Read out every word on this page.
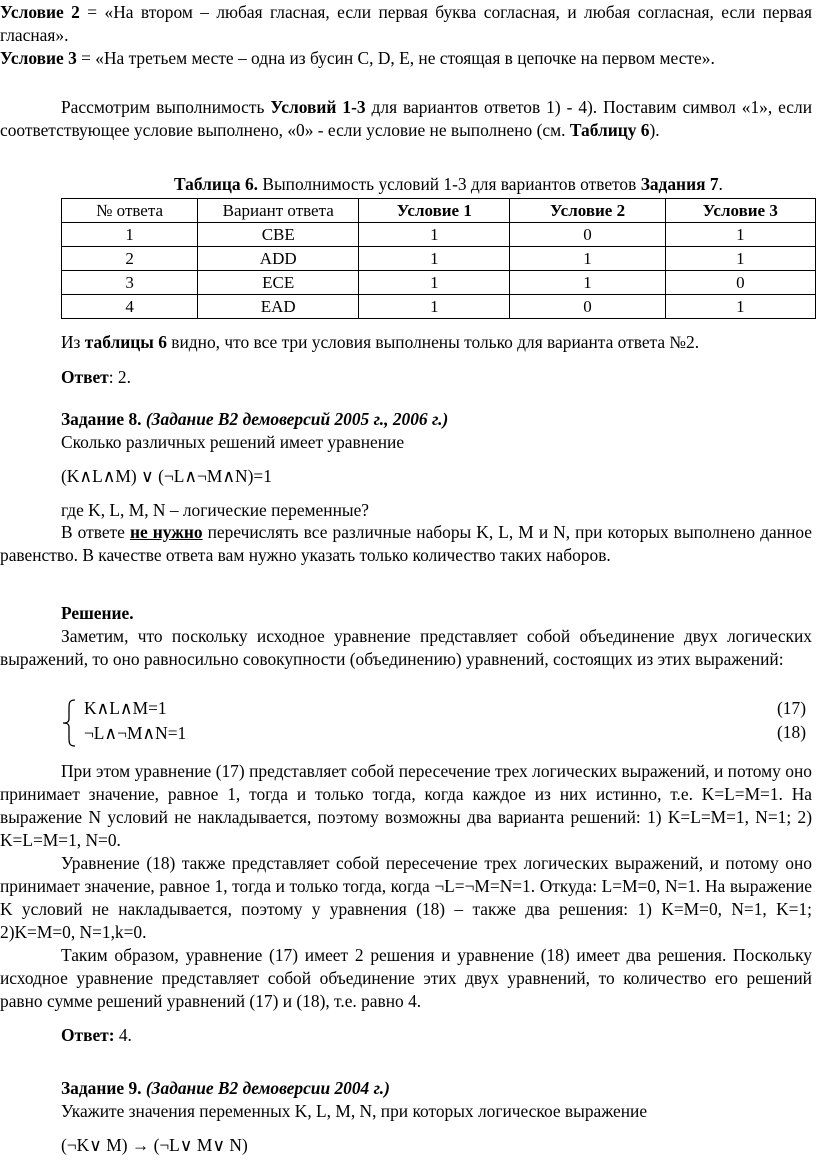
Условие 2 = «На втором – любая гласная, если первая буква согласная, и любая согласная, если первая гласная».

Условие 3 = «На третьем месте – одна из бусин C, D, E, не стоящая в цепочке на первом месте».

Рассмотрим выполнимость Условий 1-3 для вариантов ответов 1) - 4). Поставим символ «1», если соответствующее условие выполнено, «0» - если условие не выполнено (см. Таблицу 6).

Таблица 6. Выполнимость условий 1-3 для вариантов ответов Задания 7.
№ ответа	Вариант ответа	Условие 1	Условие 2	Условие 3
1	CBE	1	0	1
2	ADD	1	1	1
3	ECE	1	1	0
4	EAD	1	0	1
Из таблицы 6 видно, что все три условия выполнены только для варианта ответа №2.
Ответ: 2.
Задание 8. (Задание B2 демоверсий 2005 г., 2006 г.)
Сколько различных решений имеет уравнение
(K∧L∧M) ∨ (¬L∧¬M∧N)=1
где K, L, M, N – логические переменные?

В ответе не нужно перечислять все различные наборы K, L, M и N, при которых выполнено данное равенство. В качестве ответа вам нужно указать только количество таких наборов.

Решение.

Заметим, что поскольку исходное уравнение представляет собой объединение двух логических выражений, то оно равносильно совокупности (объединению) уравнений, состоящих из этих выражений:

K∧L∧M=1
¬L∧¬M∧N=1
(17)
(18)

При этом уравнение (17) представляет собой пересечение трех логических выражений, и потому оно принимает значение, равное 1, тогда и только тогда, когда каждое из них истинно, т.е. K=L=M=1. На выражение N условий не накладывается, поэтому возможны два варианта решений: 1) K=L=M=1, N=1; 2) K=L=M=1, N=0.

Уравнение (18) также представляет собой пересечение трех логических выражений, и потому оно принимает значение, равное 1, тогда и только тогда, когда ¬L=¬M=N=1. Откуда: L=M=0, N=1. На выражение K условий не накладывается, поэтому у уравнения (18) – также два решения: 1) K=M=0, N=1, K=1; 2)K=M=0, N=1,k=0.

Таким образом, уравнение (17) имеет 2 решения и уравнение (18) имеет два решения. Поскольку исходное уравнение представляет собой объединение этих двух уравнений, то количество его решений равно сумме решений уравнений (17) и (18), т.е. равно 4.

Ответ: 4.
Задание 9. (Задание B2 демоверсии 2004 г.)
Укажите значения переменных K, L, M, N, при которых логическое выражение
(¬K∨ M) → (¬L∨ M∨ N)
